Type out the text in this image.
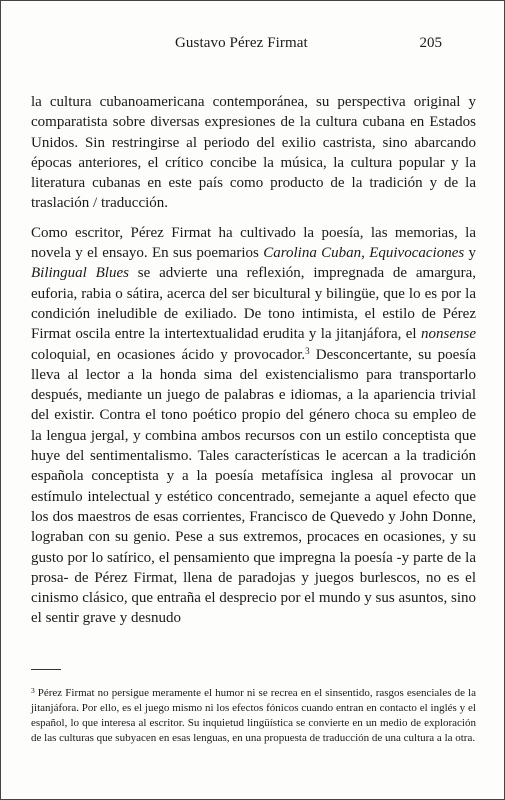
Gustavo Pérez Firmat	205

la cultura cubanoamericana contemporánea, su perspectiva original y comparatista sobre diversas expresiones de la cultura cubana en Estados Unidos. Sin restringirse al periodo del exilio castrista, sino abarcando épocas anteriores, el crítico concibe la música, la cultura popular y la literatura cubanas en este país como producto de la tradición y de la traslación / traducción.

Como escritor, Pérez Firmat ha cultivado la poesía, las memorias, la novela y el ensayo. En sus poemarios Carolina Cuban, Equivocaciones y Bilingual Blues se advierte una reflexión, impregnada de amargura, euforia, rabia o sátira, acerca del ser bicultural y bilingüe, que lo es por la condición ineludible de exiliado. De tono intimista, el estilo de Pérez Firmat oscila entre la intertextualidad erudita y la jitanjáfora, el nonsense coloquial, en ocasiones ácido y provocador.$^3$ Desconcertante, su poesía lleva al lector a la honda sima del existencialismo para transportarlo después, mediante un juego de palabras e idiomas, a la apariencia trivial del existir. Contra el tono poético propio del género choca su empleo de la lengua jergal, y combina ambos recursos con un estilo conceptista que huye del sentimentalismo. Tales características le acercan a la tradición española conceptista y a la poesía metafísica inglesa al provocar un estímulo intelectual y estético concentrado, semejante a aquel efecto que los dos maestros de esas corrientes, Francisco de Quevedo y John Donne, lograban con su genio. Pese a sus extremos, procaces en ocasiones, y su gusto por lo satírico, el pensamiento que impregna la poesía -y parte de la prosa- de Pérez Firmat, llena de paradojas y juegos burlescos, no es el cinismo clásico, que entraña el desprecio por el mundo y sus asuntos, sino el sentir grave y desnudo

$^3$ Pérez Firmat no persigue meramente el humor ni se recrea en el sinsentido, rasgos esenciales de la jitanjáfora. Por ello, es el juego mismo ni los efectos fónicos cuando entran en contacto el inglés y el español, lo que interesa al escritor. Su inquietud lingüística se convierte en un medio de exploración de las culturas que subyacen en esas lenguas, en una propuesta de traducción de una cultura a la otra.
